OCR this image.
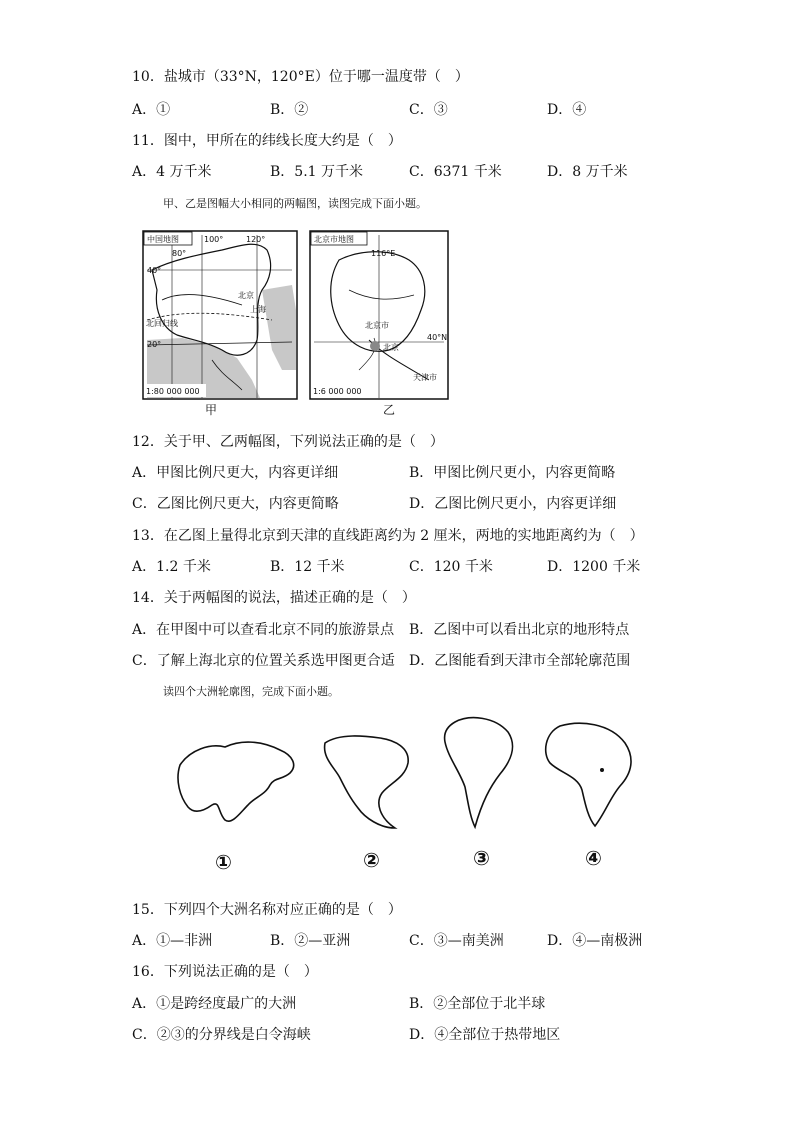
10．盐城市（33°N，120°E）位于哪一温度带（　）
A．①	B．②	C．③	D．④
11．图中，甲所在的纬线长度大约是（　）
A．4 万千米	B．5.1 万千米	C．6371 千米	D．8 万千米
甲、乙是图幅大小相同的两幅图，读图完成下面小题。
中国地图	100°	120°
80°
40°
20°
北京
上海
北回归线
1:80 000 000
甲
北京市地图
116°E
40°N
北京市
北京
天津市
1:6 000 000
乙
12．关于甲、乙两幅图，下列说法正确的是（　）
A．甲图比例尺更大，内容更详细	B．甲图比例尺更小，内容更简略
C．乙图比例尺更大，内容更简略	D．乙图比例尺更小，内容更详细
13．在乙图上量得北京到天津的直线距离约为 2 厘米，两地的实地距离约为（　）
A．1.2 千米	B．12 千米	C．120 千米	D．1200 千米
14．关于两幅图的说法，描述正确的是（　）
A．在甲图中可以查看北京不同的旅游景点 B．乙图中可以看出北京的地形特点
C．了解上海北京的位置关系选甲图更合适 D．乙图能看到天津市全部轮廓范围
读四个大洲轮廓图，完成下面小题。
①	②	③	④
15．下列四个大洲名称对应正确的是（　）
A．①—非洲	B．②—亚洲	C．③—南美洲	D．④—南极洲
16．下列说法正确的是（　）
A．①是跨经度最广的大洲	B．②全部位于北半球
C．②③的分界线是白令海峡	D．④全部位于热带地区
